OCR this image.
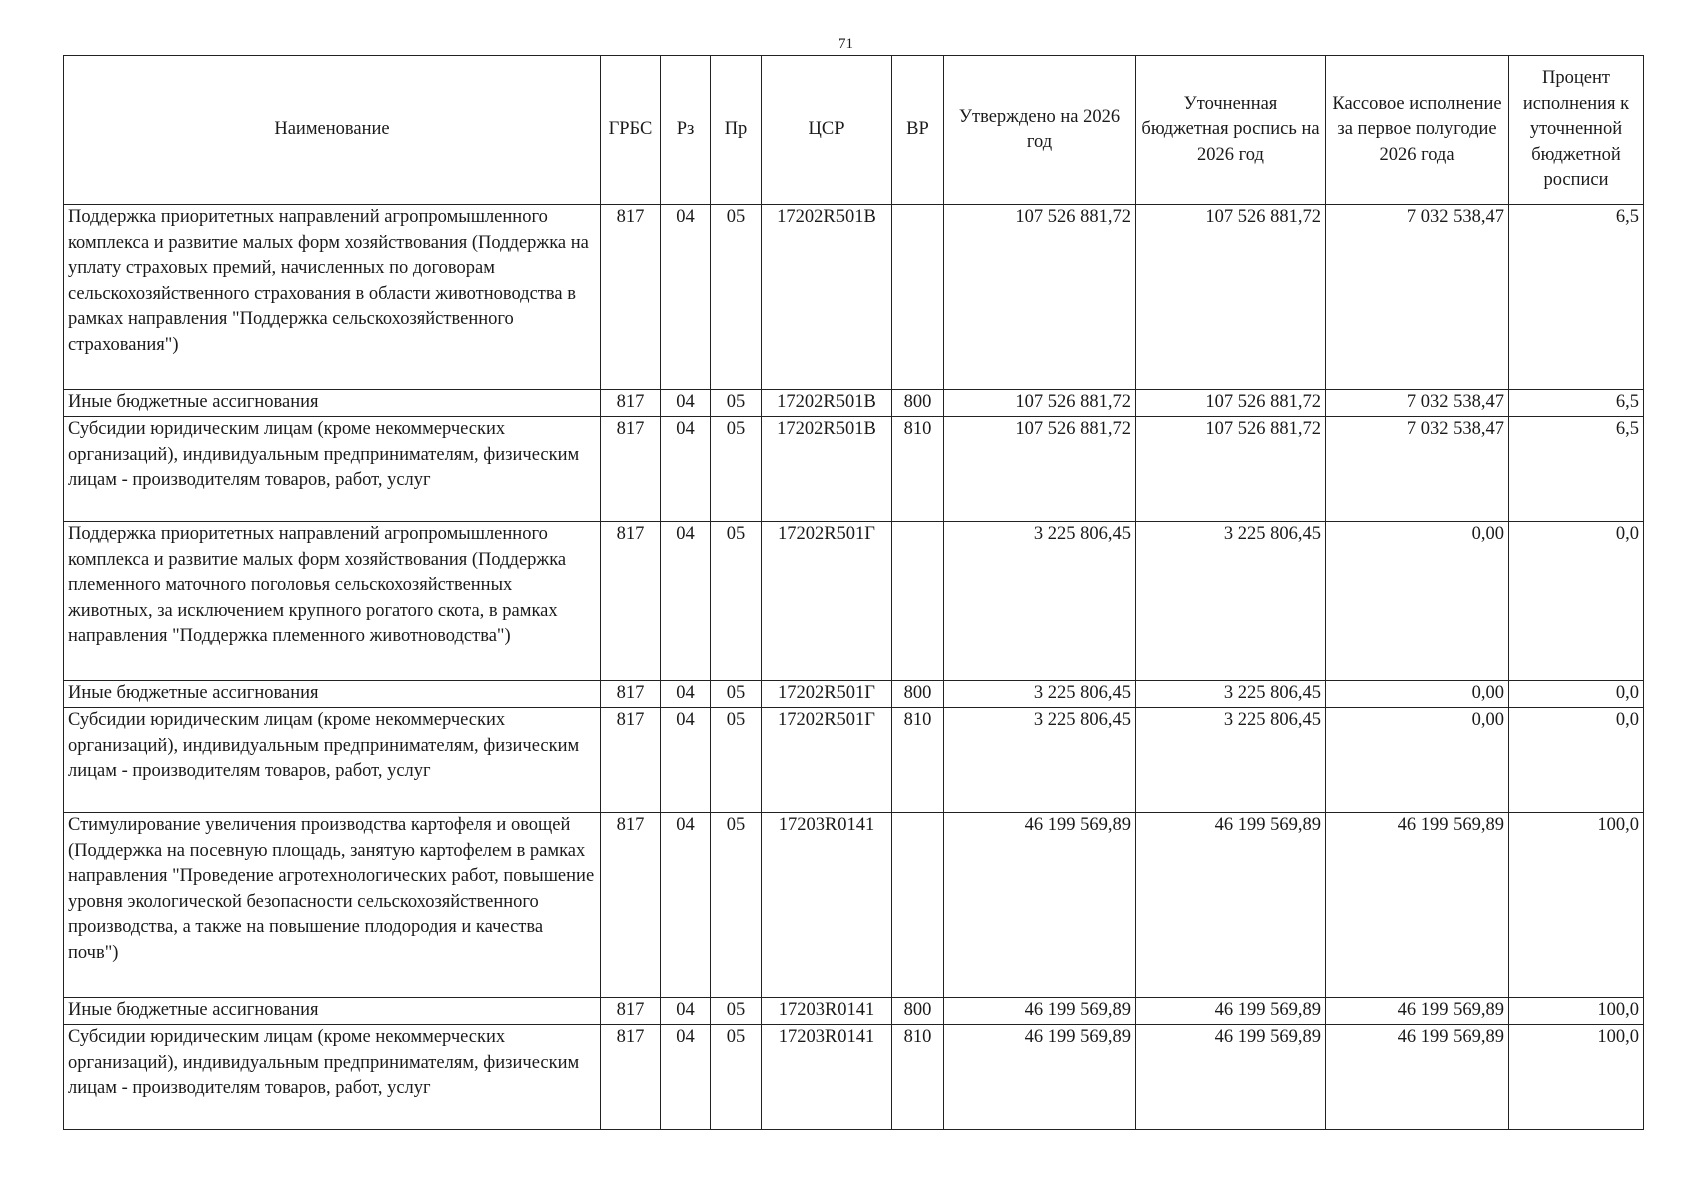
71
Наименование	ГРБС	Рз	Пр	ЦСР	ВР	Утверждено на 2026 год	Уточненная бюджетная роспись на 2026 год	Кассовое исполнение за первое полугодие 2026 года	Процент исполнения к уточненной бюджетной росписи
Поддержка приоритетных направлений агропромышленного комплекса и развитие малых форм хозяйствования (Поддержка на уплату страховых премий, начисленных по договорам сельскохозяйственного страхования в области животноводства в рамках направления "Поддержка сельскохозяйственного страхования")	817	04	05	17202R501В		107 526 881,72	107 526 881,72	7 032 538,47	6,5
Иные бюджетные ассигнования	817	04	05	17202R501В	800	107 526 881,72	107 526 881,72	7 032 538,47	6,5
Субсидии юридическим лицам (кроме некоммерческих организаций), индивидуальным предпринимателям, физическим лицам - производителям товаров, работ, услуг	817	04	05	17202R501В	810	107 526 881,72	107 526 881,72	7 032 538,47	6,5
Поддержка приоритетных направлений агропромышленного комплекса и развитие малых форм хозяйствования (Поддержка племенного маточного поголовья сельскохозяйственных животных, за исключением крупного рогатого скота, в рамках направления "Поддержка племенного животноводства")	817	04	05	17202R501Г		3 225 806,45	3 225 806,45	0,00	0,0
Иные бюджетные ассигнования	817	04	05	17202R501Г	800	3 225 806,45	3 225 806,45	0,00	0,0
Субсидии юридическим лицам (кроме некоммерческих организаций), индивидуальным предпринимателям, физическим лицам - производителям товаров, работ, услуг	817	04	05	17202R501Г	810	3 225 806,45	3 225 806,45	0,00	0,0
Стимулирование увеличения производства картофеля и овощей (Поддержка на посевную площадь, занятую картофелем в рамках направления "Проведение агротехнологических работ, повышение уровня экологической безопасности сельскохозяйственного производства, а также на повышение плодородия и качества почв")	817	04	05	17203R0141		46 199 569,89	46 199 569,89	46 199 569,89	100,0
Иные бюджетные ассигнования	817	04	05	17203R0141	800	46 199 569,89	46 199 569,89	46 199 569,89	100,0
Субсидии юридическим лицам (кроме некоммерческих организаций), индивидуальным предпринимателям, физическим лицам - производителям товаров, работ, услуг	817	04	05	17203R0141	810	46 199 569,89	46 199 569,89	46 199 569,89	100,0
